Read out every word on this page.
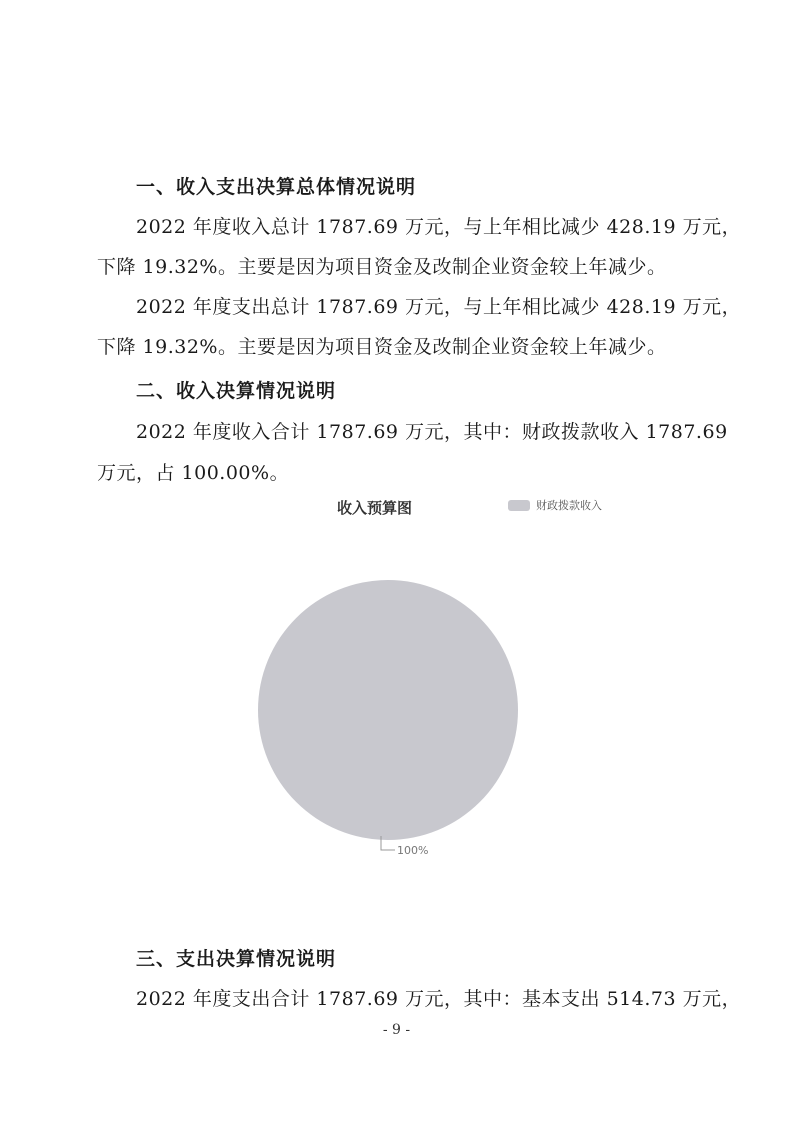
一、收入支出决算总体情况说明
2022 年度收入总计 1787.69 万元，与上年相比减少 428.19 万元，
下降 19.32%。主要是因为项目资金及改制企业资金较上年减少。
2022 年度支出总计 1787.69 万元，与上年相比减少 428.19 万元，
下降 19.32%。主要是因为项目资金及改制企业资金较上年减少。
二、收入决算情况说明
2022 年度收入合计 1787.69 万元，其中：财政拨款收入 1787.69
万元，占 100.00%。
收入预算图	财政拨款收入
100%
三、支出决算情况说明
2022 年度支出合计 1787.69 万元，其中：基本支出 514.73 万元，
- 9 -
